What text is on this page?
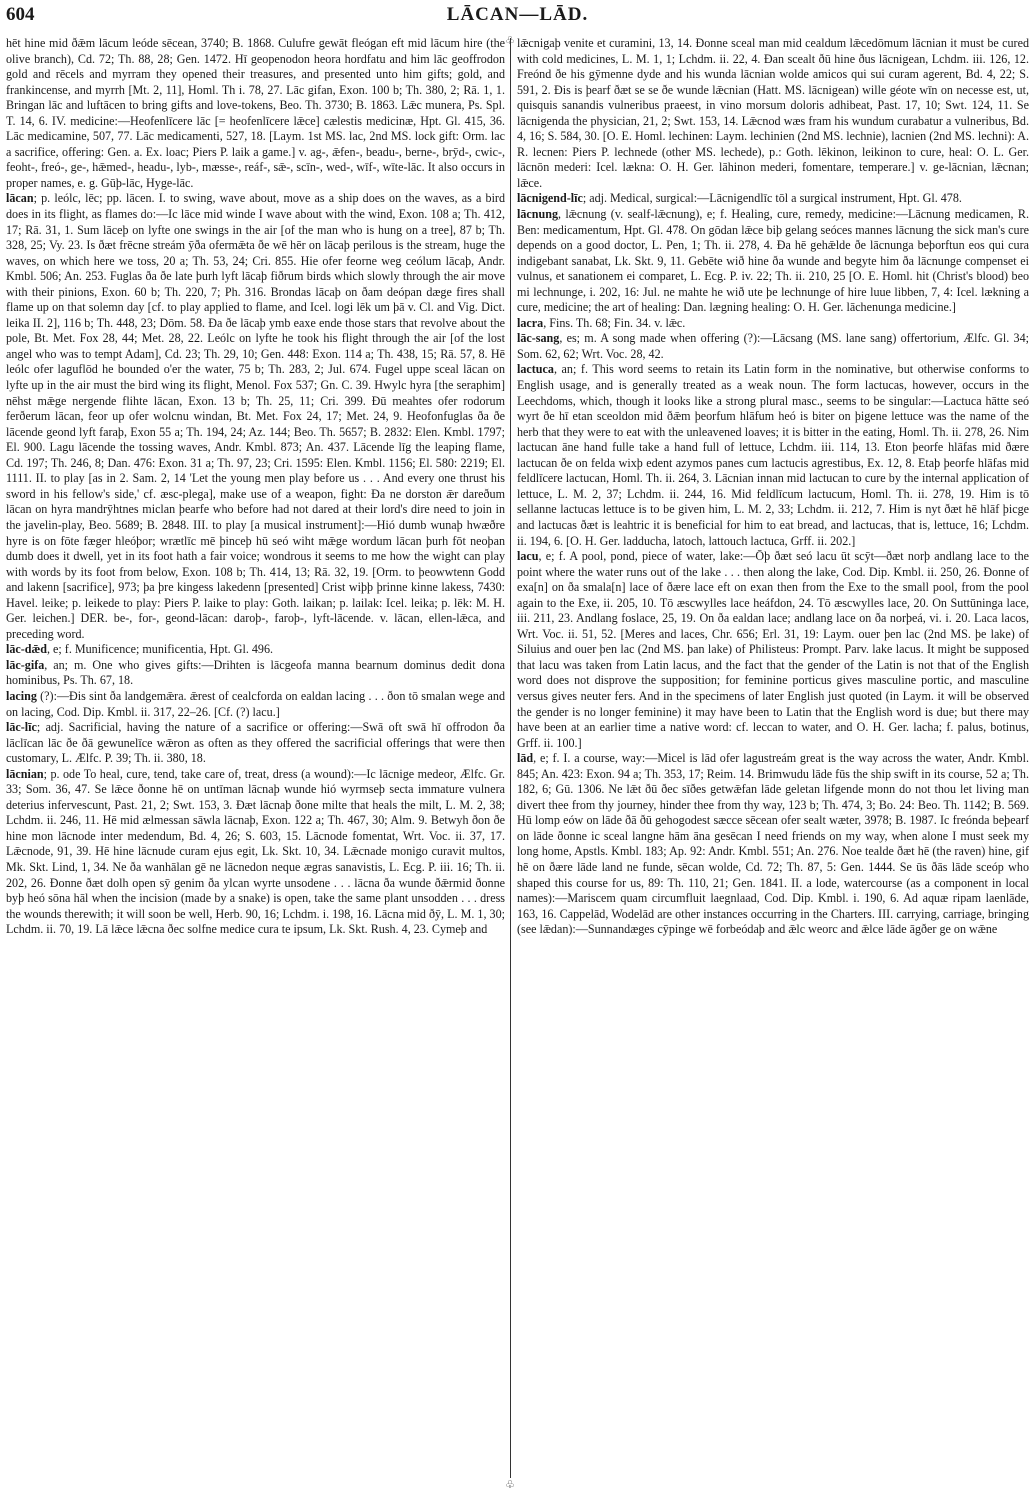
604	LĀCAN—LĀD.
♧
♧

hēt hine mid ðǣm lācum leóde sēcean, 3740; B. 1868. Culufre gewāt fleógan eft mid lācum hire (the olive branch), Cd. 72; Th. 88, 28; Gen. 1472. Hī geopenodon heora hordfatu and him lāc geoffrodon gold and rēcels and myrram they opened their treasures, and presented unto him gifts; gold, and frankincense, and myrrh [Mt. 2, 11], Homl. Th i. 78, 27. Lāc gifan, Exon. 100 b; Th. 380, 2; Rā. 1, 1. Bringan lāc and luftācen to bring gifts and love-tokens, Beo. Th. 3730; B. 1863. Lǣc munera, Ps. Spl. T. 14, 6. IV. medicine:—Heofenlīcere lāc [= heofenlīcere lǣce] cælestis medicinæ, Hpt. Gl. 415, 36. Lāc medicamine, 507, 77. Lāc medicamenti, 527, 18. [Laym. 1st MS. lac, 2nd MS. lock gift: Orm. lac a sacrifice, offering: Gen. a. Ex. loac; Piers P. laik a game.] v. ag-, ǣfen-, beadu-, berne-, brȳd-, cwic-, feoht-, freó-, ge-, hǣmed-, headu-, lyb-, mæsse-, reáf-, sǣ-, scīn-, wed-, wīf-, wīte-lāc. It also occurs in proper names, e. g. Gūþ-lāc, Hyge-lāc.

lācan; p. leólc, lēc; pp. lācen. I. to swing, wave about, move as a ship does on the waves, as a bird does in its flight, as flames do:—Ic lāce mid winde I wave about with the wind, Exon. 108 a; Th. 412, 17; Rā. 31, 1. Sum lāceþ on lyfte one swings in the air [of the man who is hung on a tree], 87 b; Th. 328, 25; Vy. 23. Is ðæt frēcne streám ȳða ofermǣta ðe wē hēr on lācaþ perilous is the stream, huge the waves, on which here we toss, 20 a; Th. 53, 24; Cri. 855. Hie ofer feorne weg ceólum lācaþ, Andr. Kmbl. 506; An. 253. Fuglas ða ðe late þurh lyft lācaþ fiðrum birds which slowly through the air move with their pinions, Exon. 60 b; Th. 220, 7; Ph. 316. Brondas lācaþ on ðam deópan dæge fires shall flame up on that solemn day [cf. to play applied to flame, and Icel. logi lēk um þā v. Cl. and Vig. Dict. leika II. 2], 116 b; Th. 448, 23; Dōm. 58. Ða ðe lācaþ ymb eaxe ende those stars that revolve about the pole, Bt. Met. Fox 28, 44; Met. 28, 22. Leólc on lyfte he took his flight through the air [of the lost angel who was to tempt Adam], Cd. 23; Th. 29, 10; Gen. 448: Exon. 114 a; Th. 438, 15; Rā. 57, 8. Hē leólc ofer laguflōd he bounded o'er the water, 75 b; Th. 283, 2; Jul. 674. Fugel uppe sceal lācan on lyfte up in the air must the bird wing its flight, Menol. Fox 537; Gn. C. 39. Hwylc hyra [the seraphim] nēhst mǣge nergende flihte lācan, Exon. 13 b; Th. 25, 11; Cri. 399. Ðū meahtes ofer rodorum ferðerum lācan, feor up ofer wolcnu windan, Bt. Met. Fox 24, 17; Met. 24, 9. Heofonfuglas ða ðe lācende geond lyft faraþ, Exon 55 a; Th. 194, 24; Az. 144; Beo. Th. 5657; B. 2832: Elen. Kmbl. 1797; El. 900. Lagu lācende the tossing waves, Andr. Kmbl. 873; An. 437. Lācende līg the leaping flame, Cd. 197; Th. 246, 8; Dan. 476: Exon. 31 a; Th. 97, 23; Cri. 1595: Elen. Kmbl. 1156; El. 580: 2219; El. 1111. II. to play [as in 2. Sam. 2, 14 'Let the young men play before us . . . And every one thrust his sword in his fellow's side,' cf. æsc-plega], make use of a weapon, fight: Ða ne dorston ǣr dareðum lācan on hyra mandrȳhtnes miclan þearfe who before had not dared at their lord's dire need to join in the javelin-play, Beo. 5689; B. 2848. III. to play [a musical instrument]:—Hió dumb wunaþ hwæðre hyre is on fōte fæger hleóþor; wrætlīc mē þinceþ hū seó wiht mǣge wordum lācan þurh fōt neoþan dumb does it dwell, yet in its foot hath a fair voice; wondrous it seems to me how the wight can play with words by its foot from below, Exon. 108 b; Th. 414, 13; Rā. 32, 19. [Orm. to þeowwtenn Godd and lakenn [sacrifice], 973; þa þre kingess lakedenn [presented] Crist wiþþ þrinne kinne lakess, 7430: Havel. leike; p. leikede to play: Piers P. laike to play: Goth. laikan; p. lailak: Icel. leika; p. lēk: M. H. Ger. leichen.] DER. be-, for-, geond-lācan: daroþ-, faroþ-, lyft-lācende. v. lācan, ellen-lǣca, and preceding word.

lāc-dǣd, e; f. Munificence; munificentia, Hpt. Gl. 496.

lāc-gifa, an; m. One who gives gifts:—Drihten is lācgeofa manna bearnum dominus dedit dona hominibus, Ps. Th. 67, 18.

lacing (?):—Ðis sint ða landgemǣra. ǣrest of cealcforda on ealdan lacing . . . ðon tō smalan wege and on lacing, Cod. Dip. Kmbl. ii. 317, 22–26. [Cf. (?) lacu.]

lāc-līc; adj. Sacrificial, having the nature of a sacrifice or offering:—Swā oft swā hī offrodon ða lāclīcan lāc ðe ðā gewunelīce wǣron as often as they offered the sacrificial offerings that were then customary, L. Ælfc. P. 39; Th. ii. 380, 18.

lācnian; p. ode To heal, cure, tend, take care of, treat, dress (a wound):—Ic lācnige medeor, Ælfc. Gr. 33; Som. 36, 47. Se lǣce ðonne hē on untīman lācnaþ wunde hió wyrmseþ secta immature vulnera deterius infervescunt, Past. 21, 2; Swt. 153, 3. Ðæt lācnaþ ðone milte that heals the milt, L. M. 2, 38; Lchdm. ii. 246, 11. Hē mid ælmessan sāwla lācnaþ, Exon. 122 a; Th. 467, 30; Alm. 9. Betwyh ðon ðe hine mon lācnode inter medendum, Bd. 4, 26; S. 603, 15. Lācnode fomentat, Wrt. Voc. ii. 37, 17. Lǣcnode, 91, 39. Hē hine lācnude curam ejus egit, Lk. Skt. 10, 34. Lǣcnade monigo curavit multos, Mk. Skt. Lind, 1, 34. Ne ða wanhālan gē ne lācnedon neque ægras sanavistis, L. Ecg. P. iii. 16; Th. ii. 202, 26. Ðonne ðæt dolh open sȳ genim ða ylcan wyrte unsodene . . . lācna ða wunde ðǣrmid ðonne byþ heó sōna hāl when the incision (made by a snake) is open, take the same plant unsodden . . . dress the wounds therewith; it will soon be well, Herb. 90, 16; Lchdm. i. 198, 16. Lācna mid ðȳ, L. M. 1, 30; Lchdm. ii. 70, 19. Lā lǣce lǣcna ðec solfne medice cura te ipsum, Lk. Skt. Rush. 4, 23. Cymeþ and

lǣcnigaþ venite et curamini, 13, 14. Ðonne sceal man mid cealdum lǣcedōmum lācnian it must be cured with cold medicines, L. M. 1, 1; Lchdm. ii. 22, 4. Ðan scealt ðū hine ðus lācnigean, Lchdm. iii. 126, 12. Freónd ðe his gȳmenne dyde and his wunda lācnian wolde amicos qui sui curam agerent, Bd. 4, 22; S. 591, 2. Ðis is þearf ðæt se se ðe wunde lǣcnian (Hatt. MS. lācnigean) wille géote wīn on necesse est, ut, quisquis sanandis vulneribus praeest, in vino morsum doloris adhibeat, Past. 17, 10; Swt. 124, 11. Se lācnigenda the physician, 21, 2; Swt. 153, 14. Lǣcnod wæs fram his wundum curabatur a vulneribus, Bd. 4, 16; S. 584, 30. [O. E. Homl. lechinen: Laym. lechinien (2nd MS. lechnie), lacnien (2nd MS. lechni): A. R. lecnen: Piers P. lechnede (other MS. lechede), p.: Goth. lēkinon, leikinon to cure, heal: O. L. Ger. lācnōn mederi: Icel. lækna: O. H. Ger. lāhinon mederi, fomentare, temperare.] v. ge-lācnian, lǣcnan; lǣce.

lācnigend-līc; adj. Medical, surgical:—Lācnigendlīc tōl a surgical instrument, Hpt. Gl. 478.

lācnung, lǣcnung (v. sealf-lǣcnung), e; f. Healing, cure, remedy, medicine:—Lācnung medicamen, R. Ben: medicamentum, Hpt. Gl. 478. On gōdan lǣce biþ gelang seóces mannes lācnung the sick man's cure depends on a good doctor, L. Pen, 1; Th. ii. 278, 4. Ða hē gehǣlde ðe lācnunga beþorftun eos qui cura indigebant sanabat, Lk. Skt. 9, 11. Gebēte wið hine ða wunde and begyte him ða lācnunge compenset ei vulnus, et sanationem ei comparet, L. Ecg. P. iv. 22; Th. ii. 210, 25 [O. E. Homl. hit (Christ's blood) beo mi lechnunge, i. 202, 16: Jul. ne mahte he wið ute þe lechnunge of hire luue libben, 7, 4: Icel. lækning a cure, medicine; the art of healing: Dan. lægning healing: O. H. Ger. lāchenunga medicine.]

lacra, Fins. Th. 68; Fin. 34. v. lǣc.

lāc-sang, es; m. A song made when offering (?):—Lācsang (MS. lane sang) offertorium, Ælfc. Gl. 34; Som. 62, 62; Wrt. Voc. 28, 42.

lactuca, an; f. This word seems to retain its Latin form in the nominative, but otherwise conforms to English usage, and is generally treated as a weak noun. The form lactucas, however, occurs in the Leechdoms, which, though it looks like a strong plural masc., seems to be singular:—Lactuca hātte seó wyrt ðe hī etan sceoldon mid ðǣm þeorfum hlāfum heó is biter on þigene lettuce was the name of the herb that they were to eat with the unleavened loaves; it is bitter in the eating, Homl. Th. ii. 278, 26. Nim lactucan āne hand fulle take a hand full of lettuce, Lchdm. iii. 114, 13. Eton þeorfe hlāfas mid ðære lactucan ðe on felda wixþ edent azymos panes cum lactucis agrestibus, Ex. 12, 8. Etaþ þeorfe hlāfas mid feldlīcere lactucan, Homl. Th. ii. 264, 3. Lācnian innan mid lactucan to cure by the internal application of lettuce, L. M. 2, 37; Lchdm. ii. 244, 16. Mid feldlīcum lactucum, Homl. Th. ii. 278, 19. Him is tō sellanne lactucas lettuce is to be given him, L. M. 2, 33; Lchdm. ii. 212, 7. Him is nyt ðæt hē hlāf þicge and lactucas ðæt is leahtric it is beneficial for him to eat bread, and lactucas, that is, lettuce, 16; Lchdm. ii. 194, 6. [O. H. Ger. ladducha, latoch, lattouch lactuca, Grff. ii. 202.]

lacu, e; f. A pool, pond, piece of water, lake:—Ōþ ðæt seó lacu ūt scȳt—ðæt norþ andlang lace to the point where the water runs out of the lake . . . then along the lake, Cod. Dip. Kmbl. ii. 250, 26. Ðonne of exa[n] on ða smala[n] lace of ðære lace eft on exan then from the Exe to the small pool, from the pool again to the Exe, ii. 205, 10. Tō æscwylles lace heáfdon, 24. Tō æscwylles lace, 20. On Suttūninga lace, iii. 211, 23. Andlang foslace, 25, 19. On ða ealdan lace; andlang lace on ða norþeá, vi. i. 20. Laca lacos, Wrt. Voc. ii. 51, 52. [Meres and laces, Chr. 656; Erl. 31, 19: Laym. ouer þen lac (2nd MS. þe lake) of Siluius and ouer þen lac (2nd MS. þan lake) of Philisteus: Prompt. Parv. lake lacus. It might be supposed that lacu was taken from Latin lacus, and the fact that the gender of the Latin is not that of the English word does not disprove the supposition; for feminine porticus gives masculine portic, and masculine versus gives neuter fers. And in the specimens of later English just quoted (in Laym. it will be observed the gender is no longer feminine) it may have been to Latin that the English word is due; but there may have been at an earlier time a native word: cf. leccan to water, and O. H. Ger. lacha; f. palus, botinus, Grff. ii. 100.]

lād, e; f. I. a course, way:—Micel is lād ofer lagustreám great is the way across the water, Andr. Kmbl. 845; An. 423: Exon. 94 a; Th. 353, 17; Reim. 14. Brimwudu lāde fūs the ship swift in its course, 52 a; Th. 182, 6; Gū. 1306. Ne lǣt ðū ðec sīðes getwǣfan lāde geletan lifgende monn do not thou let living man divert thee from thy journey, hinder thee from thy way, 123 b; Th. 474, 3; Bo. 24: Beo. Th. 1142; B. 569. Hū lomp eów on lāde ðā ðū gehogodest sæcce sēcean ofer sealt wæter, 3978; B. 1987. Ic freónda beþearf on lāde ðonne ic sceal langne hām āna gesēcan I need friends on my way, when alone I must seek my long home, Apstls. Kmbl. 183; Ap. 92: Andr. Kmbl. 551; An. 276. Noe tealde ðæt hē (the raven) hine, gif hē on ðære lāde land ne funde, sēcan wolde, Cd. 72; Th. 87, 5: Gen. 1444. Se ūs ðās lāde sceóp who shaped this course for us, 89: Th. 110, 21; Gen. 1841. II. a lode, watercourse (as a component in local names):—Mariscem quam circumfluit laegnlaad, Cod. Dip. Kmbl. i. 190, 6. Ad aquæ ripam laenlāde, 163, 16. Cappelād, Wodelād are other instances occurring in the Charters. III. carrying, carriage, bringing (see lǣdan):—Sunnandæges cȳpinge wē forbeódaþ and ǣlc weorc and ǣlce lāde āgðer ge on wǣne
